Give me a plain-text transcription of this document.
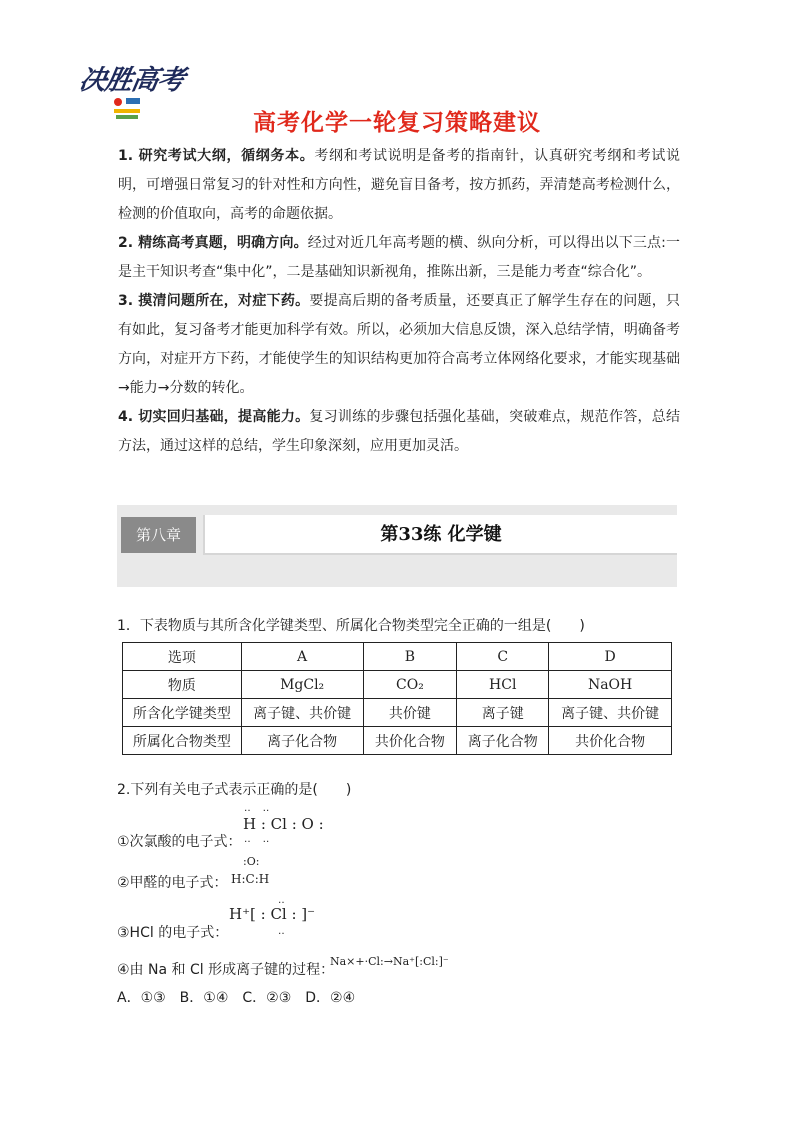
决胜高考
高考化学一轮复习策略建议

1. 研究考试大纲，循纲务本。考纲和考试说明是备考的指南针，认真研究考纲和考试说明，可增强日常复习的针对性和方向性，避免盲目备考，按方抓药，弄清楚高考检测什么，检测的价值取向，高考的命题依据。

2. 精练高考真题，明确方向。经过对近几年高考题的横、纵向分析，可以得出以下三点:一是主干知识考查“集中化”，二是基础知识新视角，推陈出新，三是能力考查“综合化”。

3. 摸清问题所在，对症下药。要提高后期的备考质量，还要真正了解学生存在的问题，只有如此，复习备考才能更加科学有效。所以，必须加大信息反馈，深入总结学情，明确备考方向，对症开方下药，才能使学生的知识结构更加符合高考立体网络化要求，才能实现基础→能力→分数的转化。

4. 切实回归基础，提高能力。复习训练的步骤包括强化基础，突破难点，规范作答，总结方法，通过这样的总结，学生印象深刻，应用更加灵活。

第八章	第33练 化学键
1．下表物质与其所含化学键类型、所属化合物类型完全正确的一组是(　　)
选项	A	B	C	D
物质	MgCl₂	CO₂	HCl	NaOH
所含化学键类型	离子键、共价键	共价键	离子键	离子键、共价键
所属化合物类型	离子化合物	共价化合物	离子化合物	共价化合物
2.下列有关电子式表示正确的是(　　)
①次氯酸的电子式：
‥　‥
H : Cl : O :
‥　‥
②甲醛的电子式：
:O:
H:C:H
③HCl 的电子式：
‥
H⁺[ : Cl : ]⁻
‥
④由 Na 和 Cl 形成离子键的过程：
Na×+·Cl:→Na⁺[:Cl:]⁻
A．①③　B．①④　C．②③　D．②④
